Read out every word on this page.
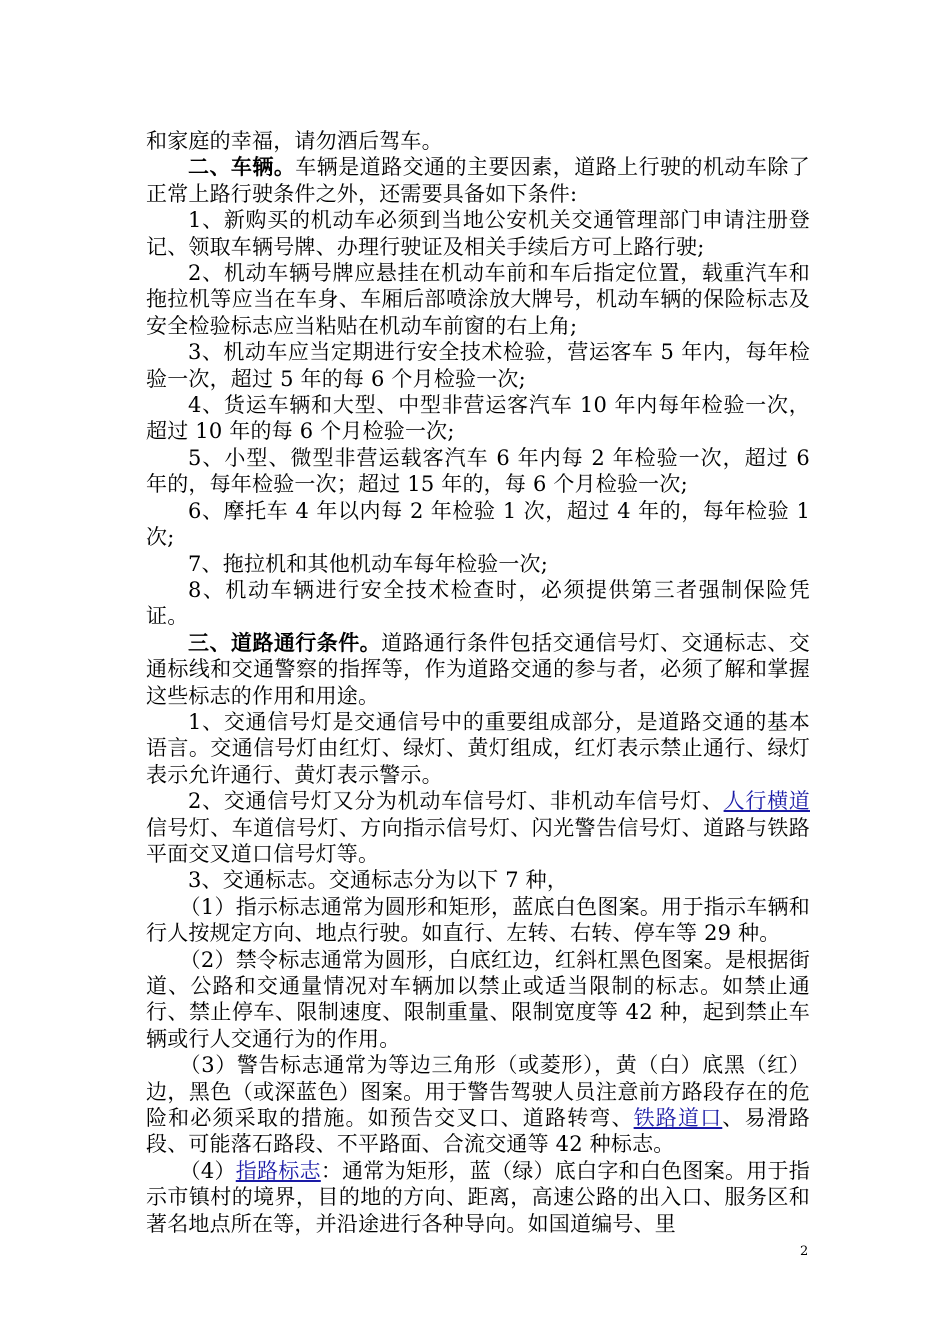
和家庭的幸福，请勿酒后驾车。

二、车辆。车辆是道路交通的主要因素，道路上行驶的机动车除了正常上路行驶条件之外，还需要具备如下条件:

1、新购买的机动车必须到当地公安机关交通管理部门申请注册登记、领取车辆号牌、办理行驶证及相关手续后方可上路行驶;

2、机动车辆号牌应悬挂在机动车前和车后指定位置，载重汽车和拖拉机等应当在车身、车厢后部喷涂放大牌号，机动车辆的保险标志及安全检验标志应当粘贴在机动车前窗的右上角;

3、机动车应当定期进行安全技术检验，营运客车 5 年内，每年检验一次，超过 5 年的每 6 个月检验一次;

4、货运车辆和大型、中型非营运客汽车 10 年内每年检验一次，超过 10 年的每 6 个月检验一次;

5、小型、微型非营运载客汽车 6 年内每 2 年检验一次，超过 6 年的，每年检验一次；超过 15 年的，每 6 个月检验一次;

6、摩托车 4 年以内每 2 年检验 1 次，超过 4 年的，每年检验 1 次;

7、拖拉机和其他机动车每年检验一次;

8、机动车辆进行安全技术检查时，必须提供第三者强制保险凭证。

三、道路通行条件。道路通行条件包括交通信号灯、交通标志、交通标线和交通警察的指挥等，作为道路交通的参与者，必须了解和掌握这些标志的作用和用途。

1、交通信号灯是交通信号中的重要组成部分，是道路交通的基本语言。交通信号灯由红灯、绿灯、黄灯组成，红灯表示禁止通行、绿灯表示允许通行、黄灯表示警示。

2、交通信号灯又分为机动车信号灯、非机动车信号灯、人行横道信号灯、车道信号灯、方向指示信号灯、闪光警告信号灯、道路与铁路平面交叉道口信号灯等。

3、交通标志。交通标志分为以下 7 种，

（1）指示标志通常为圆形和矩形，蓝底白色图案。用于指示车辆和行人按规定方向、地点行驶。如直行、左转、右转、停车等 29 种。

（2）禁令标志通常为圆形，白底红边，红斜杠黑色图案。是根据街道、公路和交通量情况对车辆加以禁止或适当限制的标志。如禁止通行、禁止停车、限制速度、限制重量、限制宽度等 42 种，起到禁止车辆或行人交通行为的作用。

（3）警告标志通常为等边三角形（或菱形），黄（白）底黑（红）边，黑色（或深蓝色）图案。用于警告驾驶人员注意前方路段存在的危险和必须采取的措施。如预告交叉口、道路转弯、铁路道口、易滑路段、可能落石路段、不平路面、合流交通等 42 种标志。

（4）指路标志：通常为矩形，蓝（绿）底白字和白色图案。用于指示市镇村的境界，目的地的方向、距离，高速公路的出入口、服务区和著名地点所在等，并沿途进行各种导向。如国道编号、里

2
